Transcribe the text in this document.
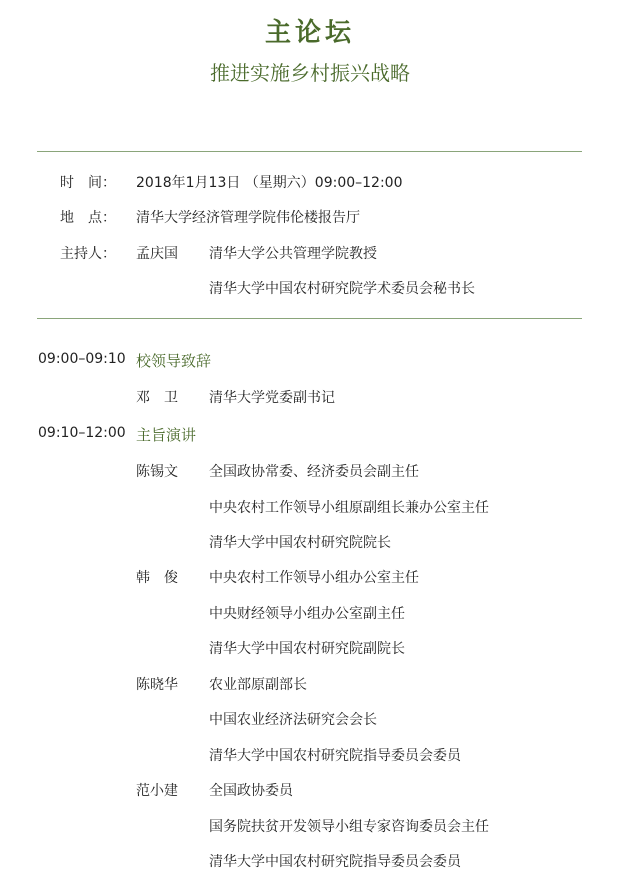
主论坛
推进实施乡村振兴战略
时　间： 2018年1月13日 （星期六）09:00–12:00
地　点： 清华大学经济管理学院伟伦楼报告厅
主持人： 孟庆国 清华大学公共管理学院教授
清华大学中国农村研究院学术委员会秘书长
09:00–09:10 校领导致辞
邓　卫 清华大学党委副书记
09:10–12:00 主旨演讲
陈锡文 全国政协常委、经济委员会副主任
中央农村工作领导小组原副组长兼办公室主任
清华大学中国农村研究院院长
韩　俊 中央农村工作领导小组办公室主任
中央财经领导小组办公室副主任
清华大学中国农村研究院副院长
陈晓华 农业部原副部长
中国农业经济法研究会会长
清华大学中国农村研究院指导委员会委员
范小建 全国政协委员
国务院扶贫开发领导小组专家咨询委员会主任
清华大学中国农村研究院指导委员会委员
